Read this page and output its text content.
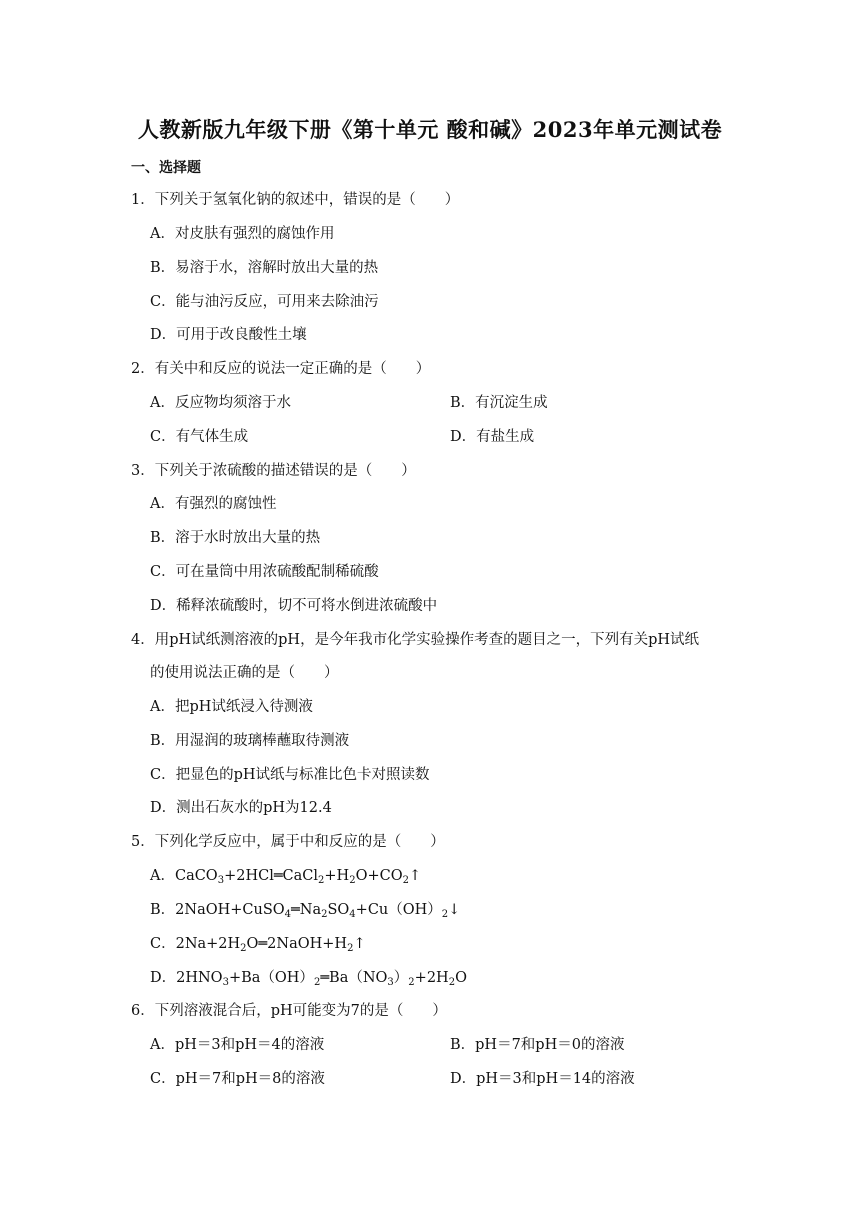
人教新版九年级下册《第十单元 酸和碱》2023年单元测试卷
一、选择题
1．下列关于氢氧化钠的叙述中，错误的是（　　）
A．对皮肤有强烈的腐蚀作用
B．易溶于水，溶解时放出大量的热
C．能与油污反应，可用来去除油污
D．可用于改良酸性土壤
2．有关中和反应的说法一定正确的是（　　）
A．反应物均须溶于水	B．有沉淀生成
C．有气体生成	D．有盐生成
3．下列关于浓硫酸的描述错误的是（　　）
A．有强烈的腐蚀性
B．溶于水时放出大量的热
C．可在量筒中用浓硫酸配制稀硫酸
D．稀释浓硫酸时，切不可将水倒进浓硫酸中
4．用pH试纸测溶液的pH，是今年我市化学实验操作考查的题目之一，下列有关pH试纸
的使用说法正确的是（　　）
A．把pH试纸浸入待测液
B．用湿润的玻璃棒蘸取待测液
C．把显色的pH试纸与标准比色卡对照读数
D．测出石灰水的pH为12.4
5．下列化学反应中，属于中和反应的是（　　）
A．$CaCO_3+2HCl═CaCl_2+H_2O+CO_2↑$
B．$2NaOH+CuSO_4═Na_2SO_4+Cu(OH)_2↓$
C．$2Na+2H_2O═2NaOH+H_2↑$
D．$2HNO_3+Ba(OH)_2═Ba(NO_3)_2+2H_2O$
6．下列溶液混合后，pH可能变为7的是（　　）
A．pH＝3和pH＝4的溶液	B．pH＝7和pH＝0的溶液
C．pH＝7和pH＝8的溶液	D．pH＝3和pH＝14的溶液
